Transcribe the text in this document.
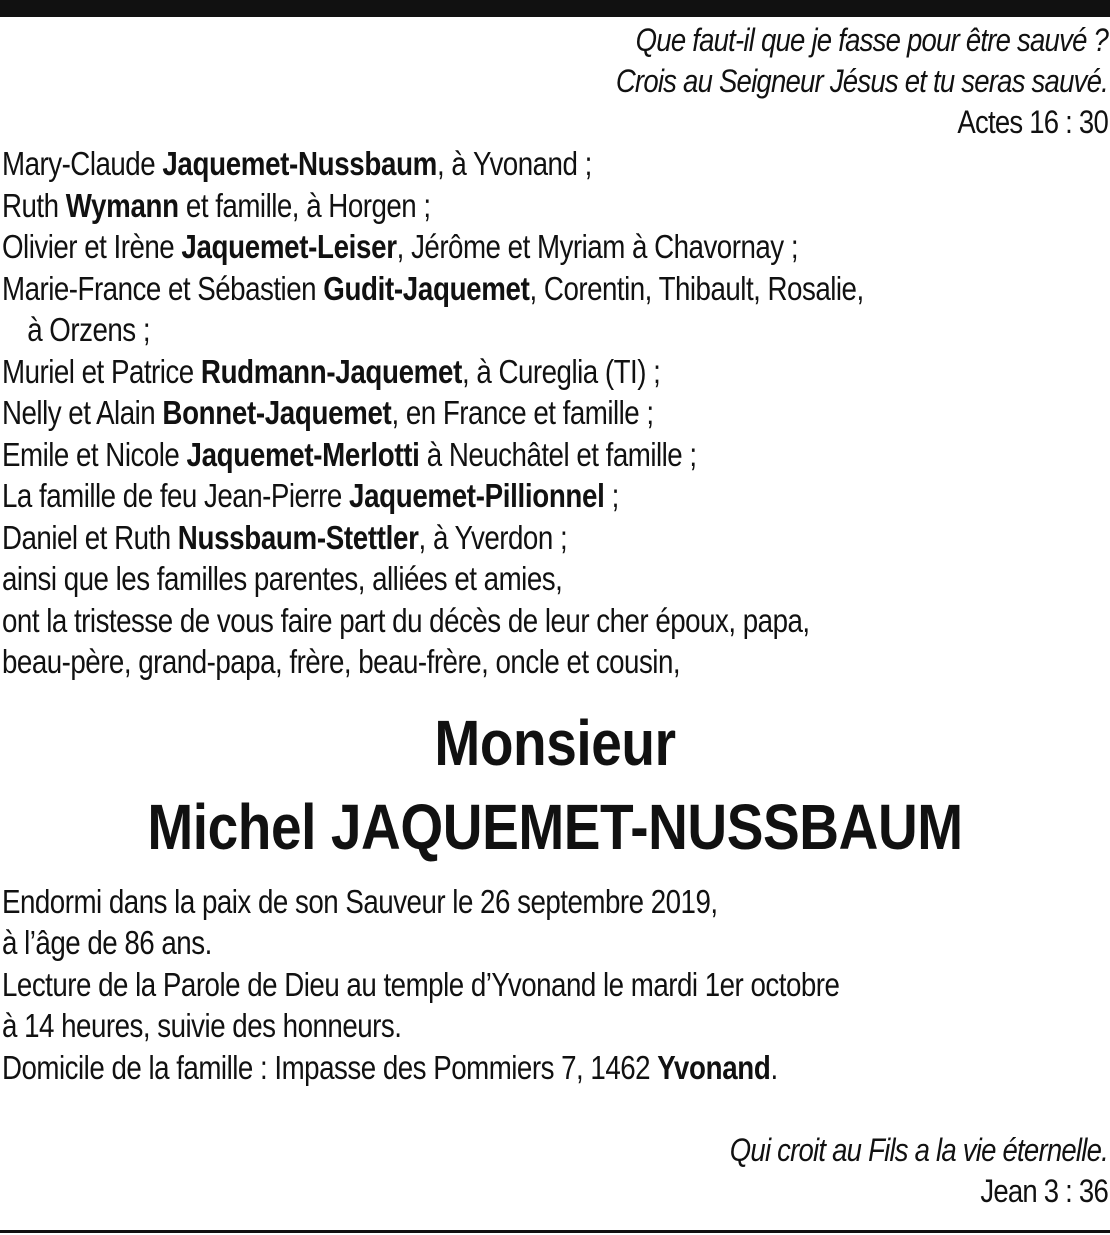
Que faut-il que je fasse pour être sauvé ?
Crois au Seigneur Jésus et tu seras sauvé.
Actes 16 : 30
Mary-Claude Jaquemet-Nussbaum, à Yvonand ;
Ruth Wymann et famille, à Horgen ;
Olivier et Irène Jaquemet-Leiser, Jérôme et Myriam à Chavornay ;
Marie-France et Sébastien Gudit-Jaquemet, Corentin, Thibault, Rosalie,
à Orzens ;
Muriel et Patrice Rudmann-Jaquemet, à Cureglia (TI) ;
Nelly et Alain Bonnet-Jaquemet, en France et famille ;
Emile et Nicole Jaquemet-Merlotti à Neuchâtel et famille ;
La famille de feu Jean-Pierre Jaquemet-Pillionnel ;
Daniel et Ruth Nussbaum-Stettler, à Yverdon ;
ainsi que les familles parentes, alliées et amies,
ont la tristesse de vous faire part du décès de leur cher époux, papa,
beau-père, grand-papa, frère, beau-frère, oncle et cousin,
Monsieur
Michel JAQUEMET-NUSSBAUM
Endormi dans la paix de son Sauveur le 26 septembre 2019,
à l’âge de 86 ans.
Lecture de la Parole de Dieu au temple d’Yvonand le mardi 1er octobre
à 14 heures, suivie des honneurs.
Domicile de la famille : Impasse des Pommiers 7, 1462 Yvonand.
Qui croit au Fils a la vie éternelle.
Jean 3 : 36
